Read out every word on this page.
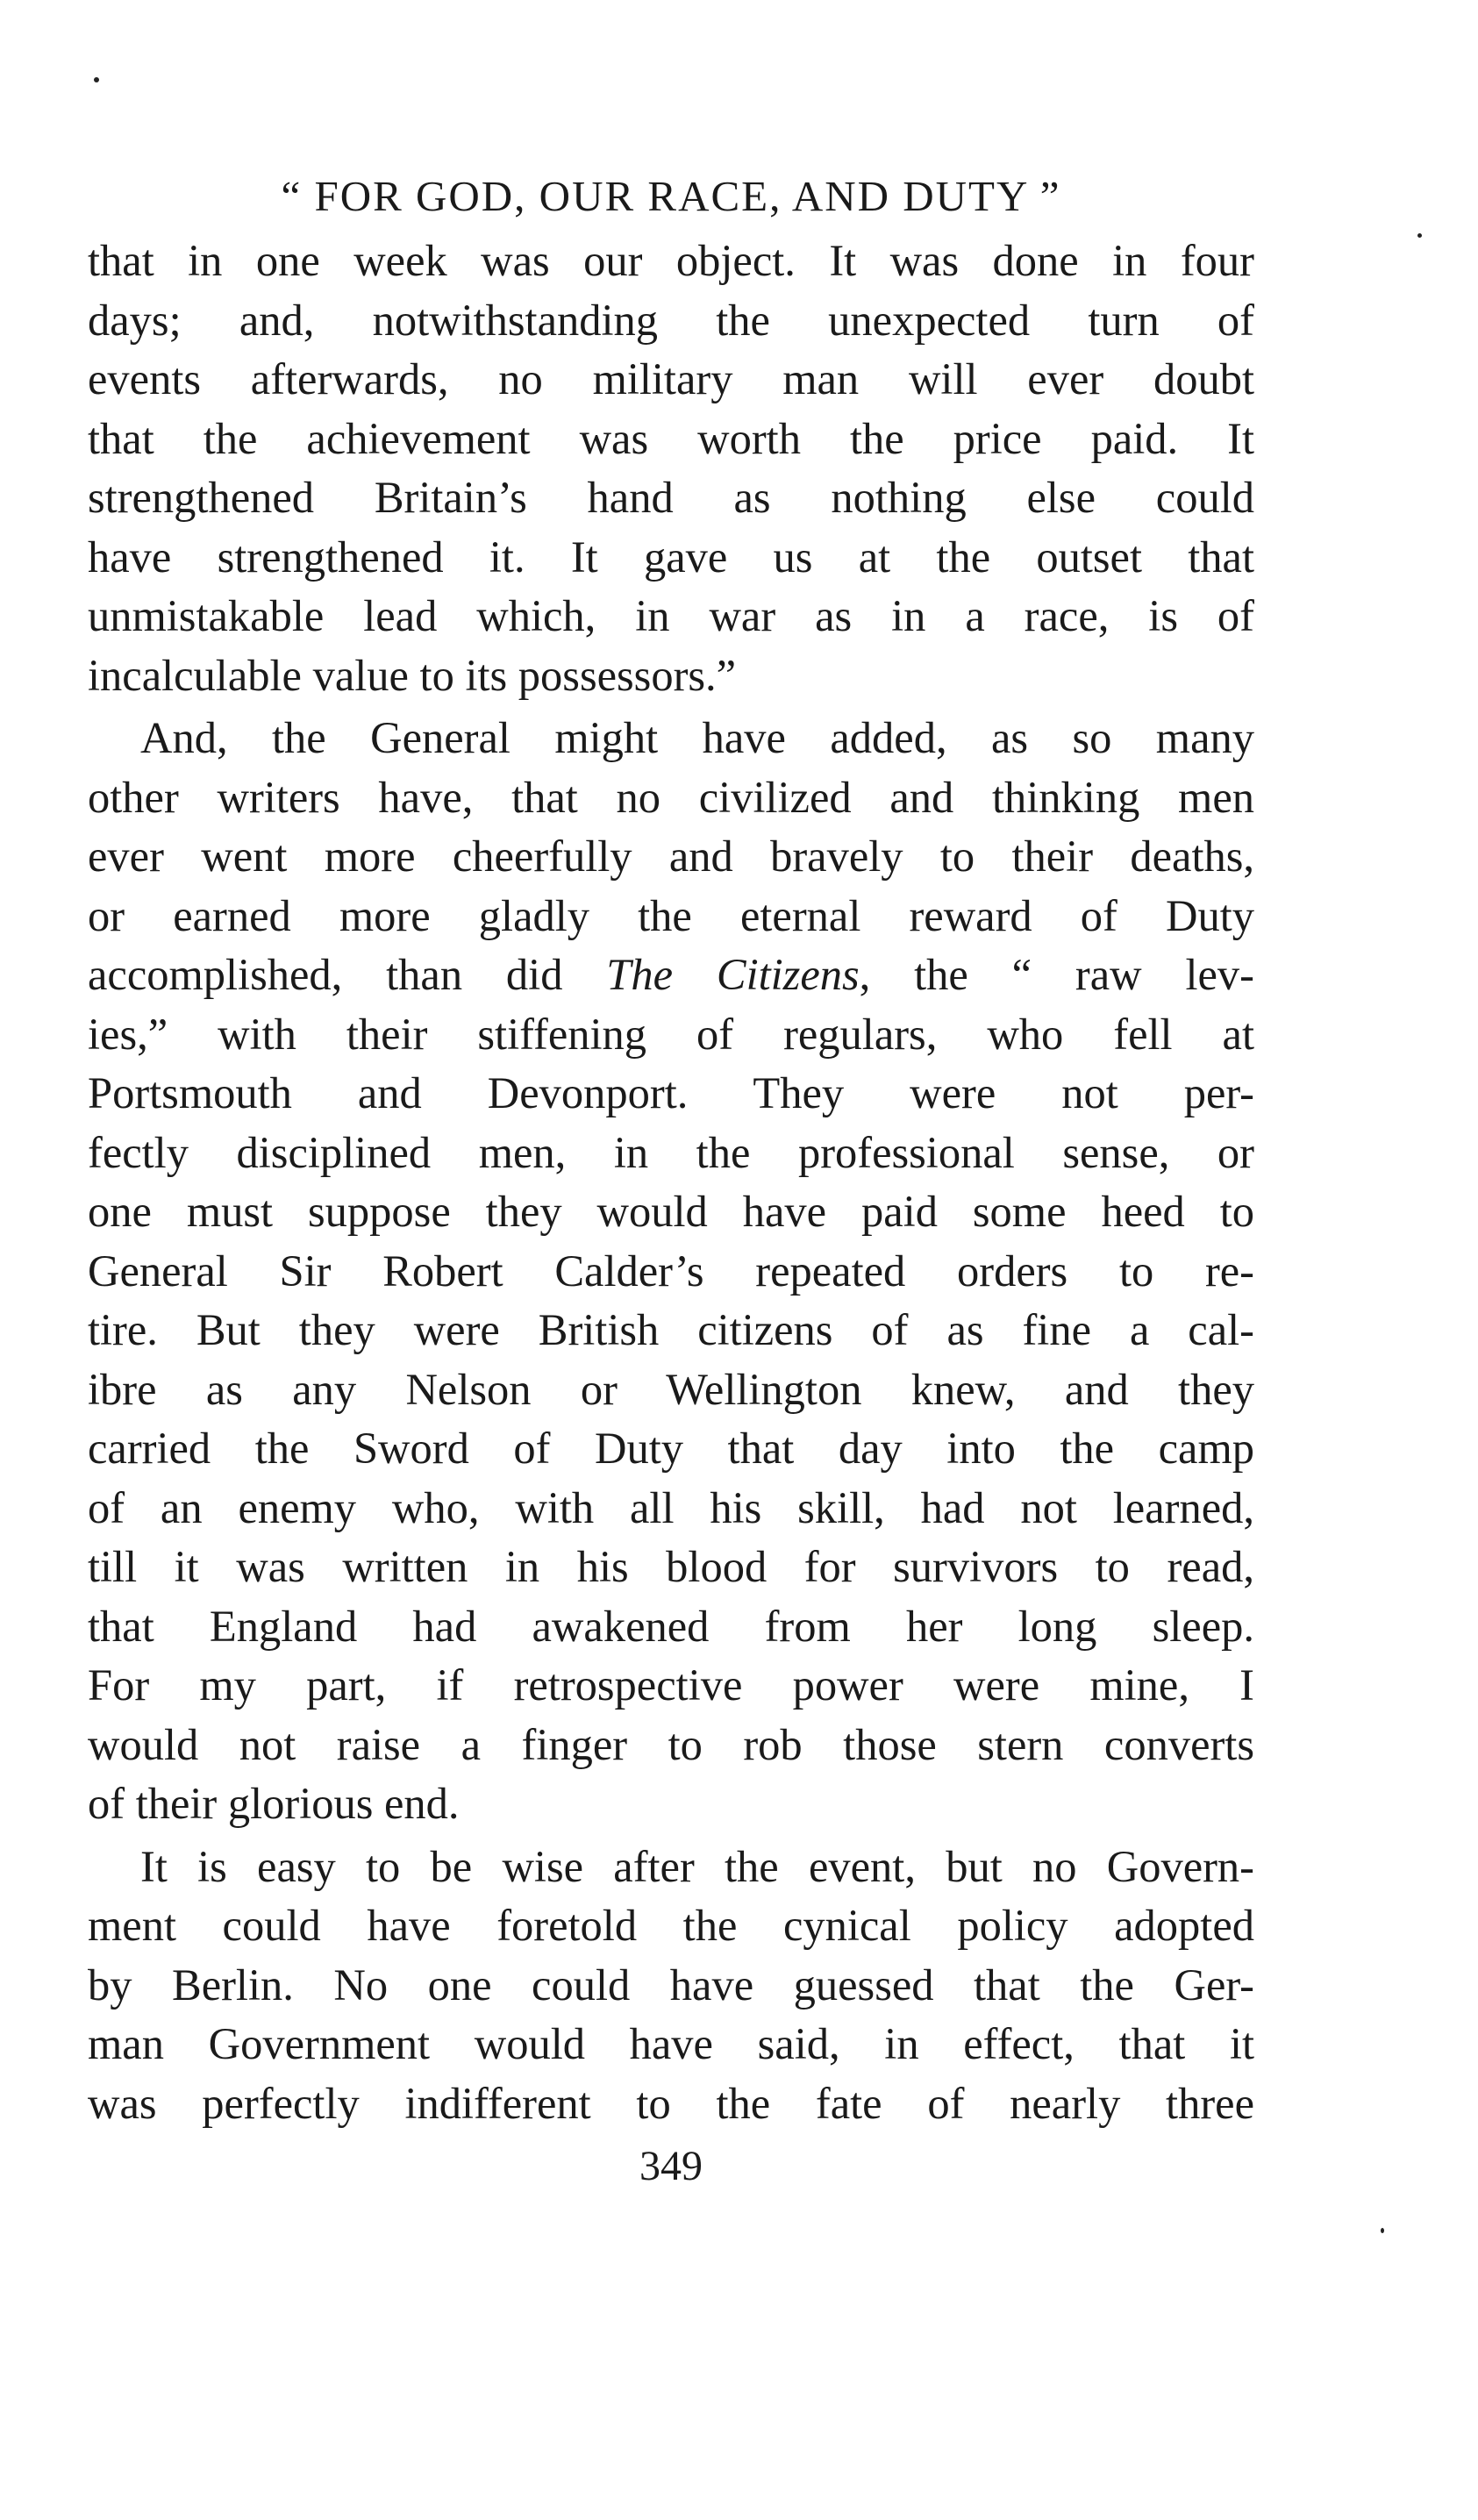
“ FOR GOD, OUR RACE, AND DUTY ”

that in one week was our object. It was done in four
days; and, notwithstanding the unexpected turn of
events afterwards, no military man will ever doubt
that the achievement was worth the price paid. It
strengthened Britain’s hand as nothing else could
have strengthened it. It gave us at the outset that
unmistakable lead which, in war as in a race, is of
incalculable value to its possessors.”

And, the General might have added, as so many
other writers have, that no civilized and thinking men
ever went more cheerfully and bravely to their deaths,
or earned more gladly the eternal reward of Duty
accomplished, than did The Citizens, the “ raw lev-
ies,” with their stiffening of regulars, who fell at
Portsmouth and Devonport. They were not per-
fectly disciplined men, in the professional sense, or
one must suppose they would have paid some heed to
General Sir Robert Calder’s repeated orders to re-
tire. But they were British citizens of as fine a cal-
ibre as any Nelson or Wellington knew, and they
carried the Sword of Duty that day into the camp
of an enemy who, with all his skill, had not learned,
till it was written in his blood for survivors to read,
that England had awakened from her long sleep.
For my part, if retrospective power were mine, I
would not raise a finger to rob those stern converts
of their glorious end.

It is easy to be wise after the event, but no Govern-
ment could have foretold the cynical policy adopted
by Berlin. No one could have guessed that the Ger-
man Government would have said, in effect, that it
was perfectly indifferent to the fate of nearly three

349
